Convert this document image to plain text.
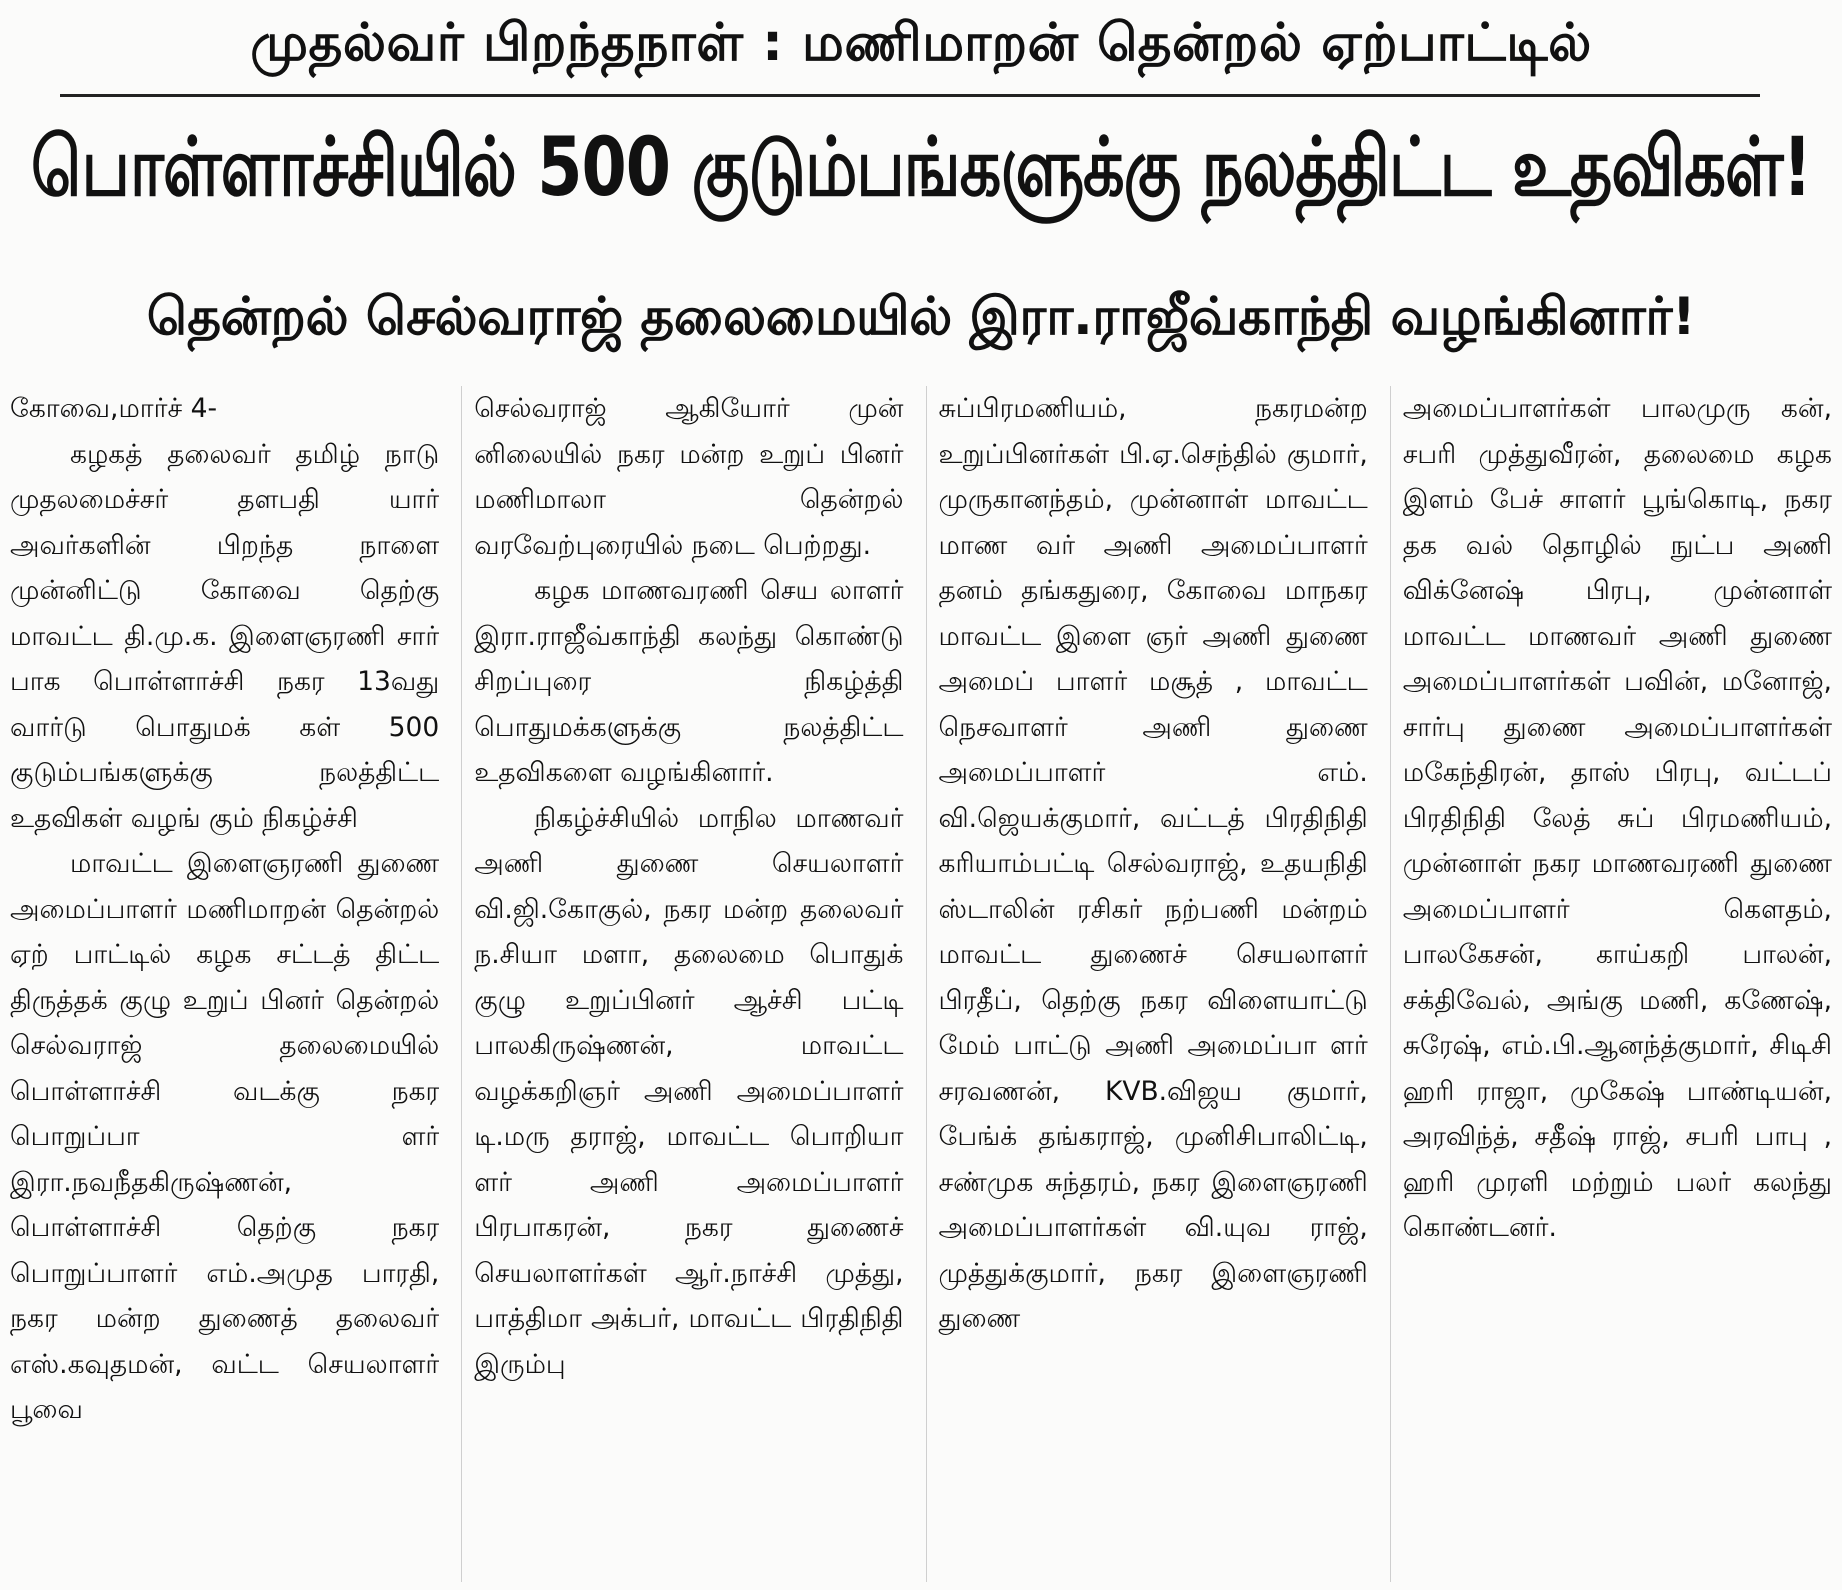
முதல்வர் பிறந்தநாள் : மணிமாறன் தென்றல் ஏற்பாட்டில்
பொள்ளாச்சியில் 500 குடும்பங்களுக்கு நலத்திட்ட உதவிகள்!
தென்றல் செல்வராஜ் தலைமையில் இரா.ராஜீவ்காந்தி வழங்கினார்!

கோவை,மார்ச் 4-

கழகத் தலைவர் தமிழ் நாடு முதலமைச்சர் தளபதி யார் அவர்களின் பிறந்த நாளை முன்னிட்டு கோவை தெற்கு மாவட்ட தி.மு.க. இளைஞரணி சார் பாக பொள்ளாச்சி நகர 13வது வார்டு பொதுமக் கள் 500 குடும்பங்களுக்கு நலத்திட்ட உதவிகள் வழங் கும் நிகழ்ச்சி

மாவட்ட இளைஞரணி துணை அமைப்பாளர் மணிமாறன் தென்றல் ஏற் பாட்டில் கழக சட்டத் திட்ட திருத்தக் குழு உறுப் பினர் தென்றல் செல்வராஜ் தலைமையில் பொள்ளாச்சி வடக்கு நகர பொறுப்பா ளர் இரா.நவநீதகிருஷ்ணன், பொள்ளாச்சி தெற்கு நகர பொறுப்பாளர் எம்.அமுத பாரதி, நகர மன்ற துணைத் தலைவர் எஸ்.கவுதமன், வட்ட செயலாளர் பூவை

செல்வராஜ் ஆகியோர் முன் னிலையில் நகர மன்ற உறுப் பினர் மணிமாலா தென்றல் வரவேற்புரையில் நடை பெற்றது.

கழக மாணவரணி செய லாளர் இரா.ராஜீவ்காந்தி கலந்து கொண்டு சிறப்புரை நிகழ்த்தி பொதுமக்களுக்கு நலத்திட்ட உதவிகளை வழங்கினார்.

நிகழ்ச்சியில் மாநில மாணவர் அணி துணை செயலாளர் வி.ஜி.கோகுல், நகர மன்ற தலைவர் ந.சியா மளா, தலைமை பொதுக் குழு உறுப்பினர் ஆச்சி பட்டி பாலகிருஷ்ணன், மாவட்ட வழக்கறிஞர் அணி அமைப்பாளர் டி.மரு தராஜ், மாவட்ட பொறியா ளர் அணி அமைப்பாளர் பிரபாகரன், நகர துணைச் செயலாளர்கள் ஆர்.நாச்சி முத்து, பாத்திமா அக்பர், மாவட்ட பிரதிநிதி இரும்பு

சுப்பிரமணியம், நகரமன்ற உறுப்பினர்கள் பி.ஏ.செந்தில் குமார், முருகானந்தம், முன்னாள் மாவட்ட மாண வர் அணி அமைப்பாளர் தனம் தங்கதுரை, கோவை மாநகர மாவட்ட இளை ஞர் அணி துணை அமைப் பாளர் மசூத் , மாவட்ட நெசவாளர் அணி துணை அமைப்பாளர் எம். வி.ஜெயக்குமார், வட்டத் பிரதிநிதி கரியாம்பட்டி செல்வராஜ், உதயநிதி ஸ்டாலின் ரசிகர் நற்பணி மன்றம் மாவட்ட துணைச் செயலாளர் பிரதீப், தெற்கு நகர விளையாட்டு மேம் பாட்டு அணி அமைப்பா ளர் சரவணன், KVB.விஜய குமார், பேங்க் தங்கராஜ், முனிசிபாலிட்டி, சண்முக சுந்தரம், நகர இளைஞரணி அமைப்பாளர்கள் வி.யுவ ராஜ், முத்துக்குமார், நகர இளைஞரணி துணை

அமைப்பாளர்கள் பாலமுரு கன், சபரி முத்துவீரன், தலைமை கழக இளம் பேச் சாளர் பூங்கொடி, நகர தக வல் தொழில் நுட்ப அணி விக்னேஷ் பிரபு, முன்னாள் மாவட்ட மாணவர் அணி துணை அமைப்பாளர்கள் பவின், மனோஜ், சார்பு துணை அமைப்பாளர்கள் மகேந்திரன், தாஸ் பிரபு, வட்டப் பிரதிநிதி லேத் சுப் பிரமணியம், முன்னாள் நகர மாணவரணி துணை அமைப்பாளர் கௌதம், பாலகேசன், காய்கறி பாலன், சக்திவேல், அங்கு மணி, கணேஷ், சுரேஷ், எம்.பி.ஆனந்த்குமார், சிடிசி ஹரி ராஜா, முகேஷ் பாண்டியன், அரவிந்த், சதீஷ் ராஜ், சபரி பாபு , ஹரி முரளி மற்றும் பலர் கலந்து கொண்டனர்.
